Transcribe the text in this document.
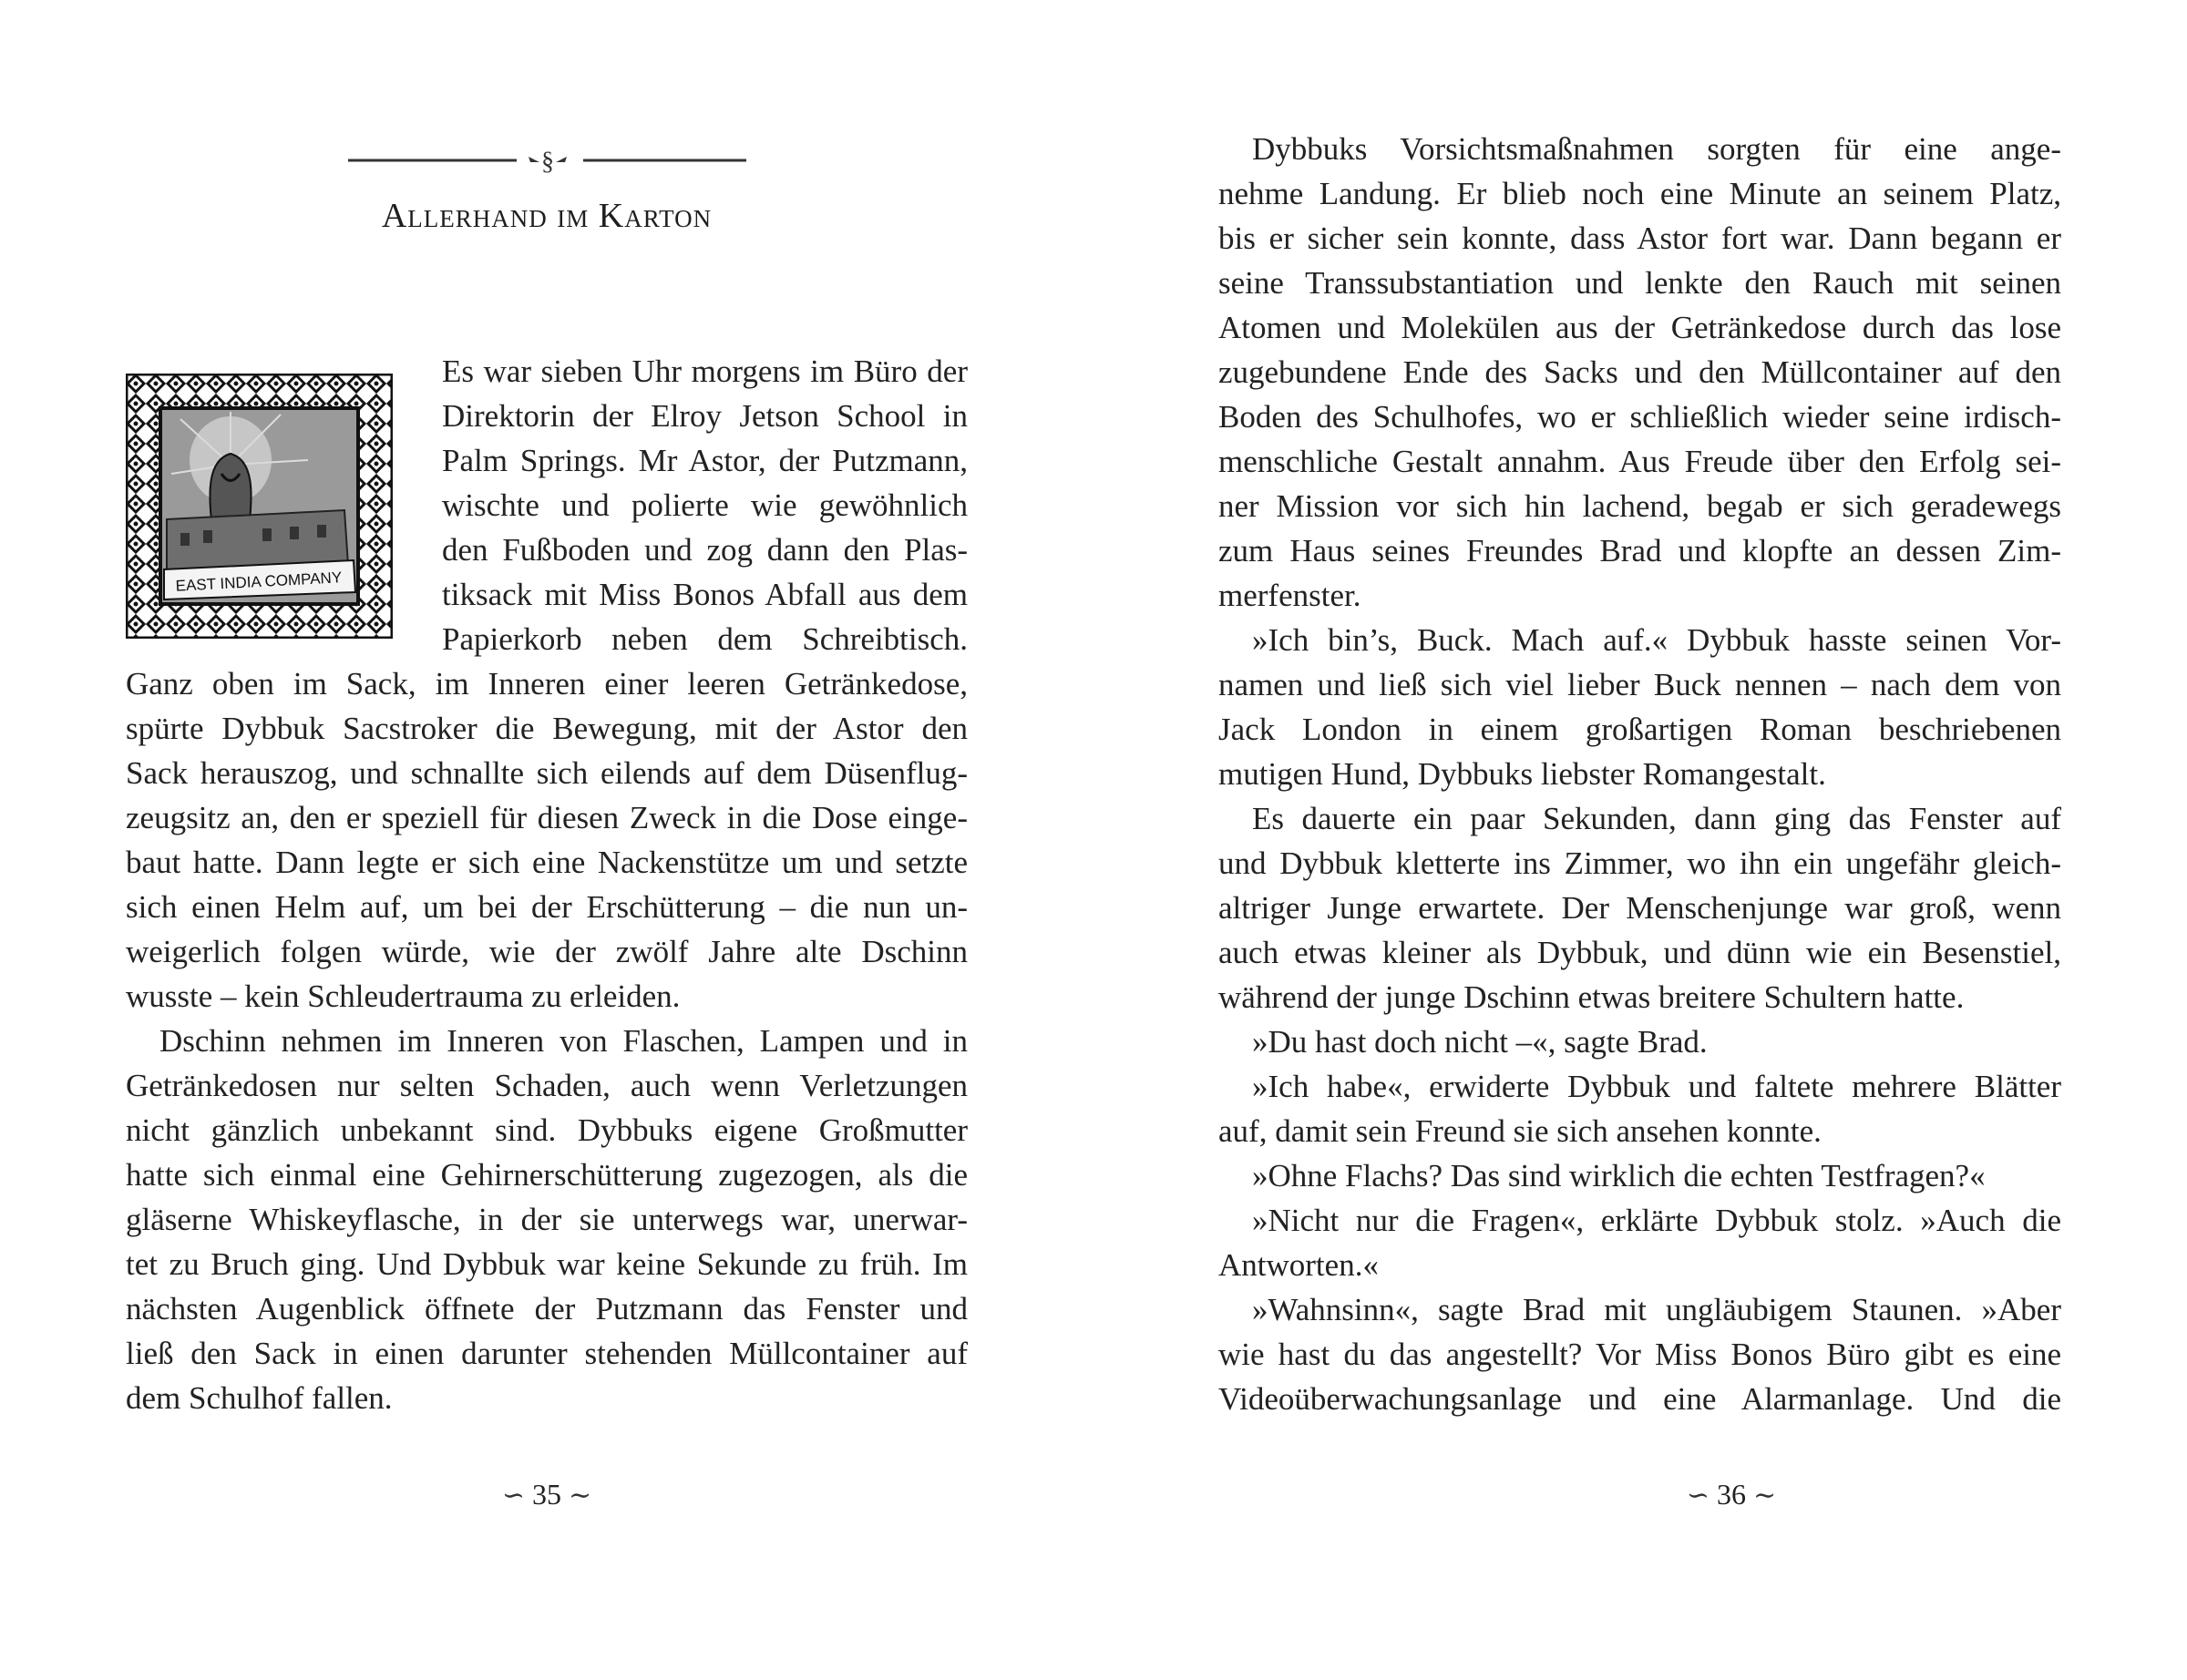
§
Allerhand im Karton
EAST INDIA COMPANY
Es war sieben Uhr morgens im Büro der
Direktorin der Elroy Jetson School in
Palm Springs. Mr Astor, der Putzmann,
wischte und polierte wie gewöhnlich
den Fußboden und zog dann den Plas-
tiksack mit Miss Bonos Abfall aus dem
Papierkorb neben dem Schreibtisch.
Ganz oben im Sack, im Inneren einer leeren Getränkedose,
spürte Dybbuk Sacstroker die Bewegung, mit der Astor den
Sack herauszog, und schnallte sich eilends auf dem Düsenflug-
zeugsitz an, den er speziell für diesen Zweck in die Dose einge-
baut hatte. Dann legte er sich eine Nackenstütze um und setzte
sich einen Helm auf, um bei der Erschütterung – die nun un-
weigerlich folgen würde, wie der zwölf Jahre alte Dschinn
wusste – kein Schleudertrauma zu erleiden.
Dschinn nehmen im Inneren von Flaschen, Lampen und in
Getränkedosen nur selten Schaden, auch wenn Verletzungen
nicht gänzlich unbekannt sind. Dybbuks eigene Großmutter
hatte sich einmal eine Gehirnerschütterung zugezogen, als die
gläserne Whiskeyflasche, in der sie unterwegs war, unerwar-
tet zu Bruch ging. Und Dybbuk war keine Sekunde zu früh. Im
nächsten Augenblick öffnete der Putzmann das Fenster und
ließ den Sack in einen darunter stehenden Müllcontainer auf
dem Schulhof fallen.
∽ 35 ∼
Dybbuks Vorsichtsmaßnahmen sorgten für eine ange-
nehme Landung. Er blieb noch eine Minute an seinem Platz,
bis er sicher sein konnte, dass Astor fort war. Dann begann er
seine Transsubstantiation und lenkte den Rauch mit seinen
Atomen und Molekülen aus der Getränkedose durch das lose
zugebundene Ende des Sacks und den Müllcontainer auf den
Boden des Schulhofes, wo er schließlich wieder seine irdisch-
menschliche Gestalt annahm. Aus Freude über den Erfolg sei-
ner Mission vor sich hin lachend, begab er sich geradewegs
zum Haus seines Freundes Brad und klopfte an dessen Zim-
merfenster.
»Ich bin’s, Buck. Mach auf.« Dybbuk hasste seinen Vor-
namen und ließ sich viel lieber Buck nennen – nach dem von
Jack London in einem großartigen Roman beschriebenen
mutigen Hund, Dybbuks liebster Romangestalt.
Es dauerte ein paar Sekunden, dann ging das Fenster auf
und Dybbuk kletterte ins Zimmer, wo ihn ein ungefähr gleich-
altriger Junge erwartete. Der Menschenjunge war groß, wenn
auch etwas kleiner als Dybbuk, und dünn wie ein Besenstiel,
während der junge Dschinn etwas breitere Schultern hatte.
»Du hast doch nicht –«, sagte Brad.
»Ich habe«, erwiderte Dybbuk und faltete mehrere Blätter
auf, damit sein Freund sie sich ansehen konnte.
»Ohne Flachs? Das sind wirklich die echten Testfragen?«
»Nicht nur die Fragen«, erklärte Dybbuk stolz. »Auch die
Antworten.«
»Wahnsinn«, sagte Brad mit ungläubigem Staunen. »Aber
wie hast du das angestellt? Vor Miss Bonos Büro gibt es eine
Videoüberwachungsanlage und eine Alarmanlage. Und die
∽ 36 ∼
